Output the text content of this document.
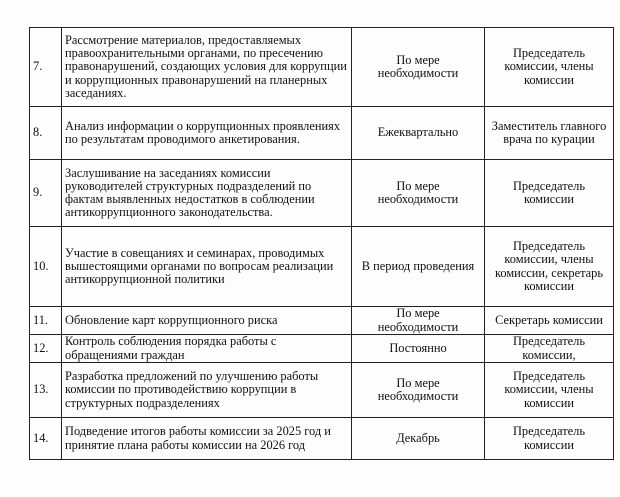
7.	Рассмотрение материалов, предоставляемых правоохранительными органами, по пресечению правонарушений, создающих условия для коррупции и коррупционных правонарушений на планерных заседаниях.	По мере необходимости	Председатель комиссии, члены комиссии
8.	Анализ информации о коррупционных проявлениях по результатам проводимого анкетирования.	Ежеквартально	Заместитель главного врача по курации
9.	Заслушивание на заседаниях комиссии руководителей структурных подразделений по фактам выявленных недостатков в соблюдении антикоррупционного законодательства.	По мере необходимости	Председатель комиссии
10.	Участие в совещаниях и семинарах, проводимых вышестоящими органами по вопросам реализации антикоррупционной политики	В период проведения	Председатель комиссии, члены комиссии, секретарь комиссии
11.	Обновление карт коррупционного риска	По мере необходимости	Секретарь комиссии
12.	Контроль соблюдения порядка работы с обращениями граждан	Постоянно	Председатель комиссии,
13.	Разработка предложений по улучшению работы комиссии по противодействию коррупции в структурных подразделениях	По мере необходимости	Председатель комиссии, члены комиссии
14.	Подведение итогов работы комиссии за 2025 год и принятие плана работы комиссии на 2026 год	Декабрь	Председатель комиссии
